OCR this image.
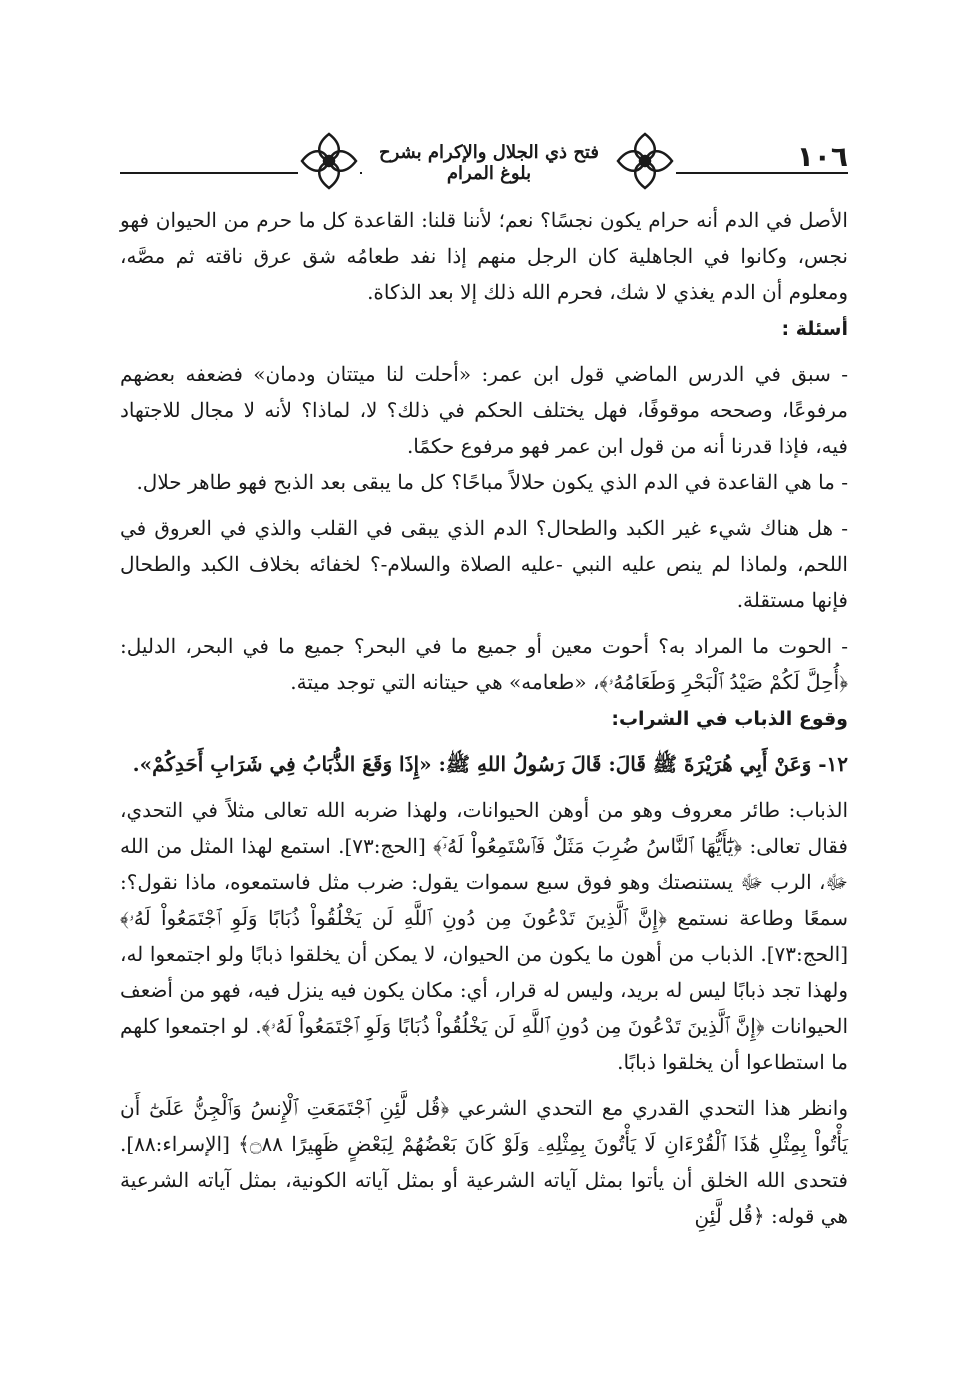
١٠٦
فتح ذي الجلال والإكرام بشرح بلوغ المرام

الأصل في الدم أنه حرام يكون نجسًا؟ نعم؛ لأننا قلنا: القاعدة كل ما حرم من الحيوان فهو نجس، وكانوا في الجاهلية كان الرجل منهم إذا نفد طعامُه شق عرق ناقته ثم مصَّه، ومعلوم أن الدم يغذي لا شك، فحرم الله ذلك إلا بعد الذكاة.

أسئلة :

- سبق في الدرس الماضي قول ابن عمر: «أحلت لنا ميتتان ودمان» فضعفه بعضهم مرفوعًا، وصححه موقوفًا، فهل يختلف الحكم في ذلك؟ لا، لماذا؟ لأنه لا مجال للاجتهاد فيه، فإذا قدرنا أنه من قول ابن عمر فهو مرفوع حكمًا.

- ما هي القاعدة في الدم الذي يكون حلالاً مباحًا؟ كل ما يبقى بعد الذبح فهو طاهر حلال.

- هل هناك شيء غير الكبد والطحال؟ الدم الذي يبقى في القلب والذي في العروق في اللحم، ولماذا لم ينص عليه النبي -عليه الصلاة والسلام-؟ لخفائه بخلاف الكبد والطحال فإنها مستقلة.

- الحوت ما المراد به؟ أحوت معين أو جميع ما في البحر؟ جميع ما في البحر، الدليل: ﴿أُحِلَّ لَكُمْ صَيْدُ ٱلْبَحْرِ وَطَعَامُهُۥ﴾، «طعامه» هي حيتانه التي توجد ميتة.

وقوع الذباب في الشراب:

١٢- وَعَنْ أَبِي هُرَيْرَةَ ﷺ قَالَ: قَالَ رَسُولُ اللهِ ﷺ: «إِذَا وَقَعَ الذُّبَابُ فِي شَرَابِ أَحَدِكُمْ».

الذباب: طائر معروف وهو من أوهن الحيوانات، ولهذا ضربه الله تعالى مثلاً في التحدي، فقال تعالى: ﴿يَٰٓأَيُّهَا ٱلنَّاسُ ضُرِبَ مَثَلٌ فَٱسْتَمِعُواْ لَهُۥٓ﴾ [الحج:٧٣]. استمع لهذا المثل من الله ﷻ، الرب ﷻ يستنصتك وهو فوق سبع سموات يقول: ضرب مثل فاستمعوه، ماذا نقول؟: سمعًا وطاعة نستمع ﴿إِنَّ ٱلَّذِينَ تَدْعُونَ مِن دُونِ ٱللَّهِ لَن يَخْلُقُواْ ذُبَابًا وَلَوِ ٱجْتَمَعُواْ لَهُۥ﴾ [الحج:٧٣]. الذباب من أهون ما يكون من الحيوان، لا يمكن أن يخلقوا ذبابًا ولو اجتمعوا له، ولهذا تجد ذبابًا ليس له بريد، وليس له قرار، أي: مكان يكون فيه ينزل فيه، فهو من أضعف الحيوانات ﴿إِنَّ ٱلَّذِينَ تَدْعُونَ مِن دُونِ ٱللَّهِ لَن يَخْلُقُواْ ذُبَابًا وَلَوِ ٱجْتَمَعُواْ لَهُۥ﴾. لو اجتمعوا كلهم ما استطاعوا أن يخلقوا ذبابًا.

وانظر هذا التحدي القدري مع التحدي الشرعي ﴿قُل لَّئِنِ ٱجْتَمَعَتِ ٱلْإِنسُ وَٱلْجِنُّ عَلَىٰٓ أَن يَأْتُواْ بِمِثْلِ هَٰذَا ٱلْقُرْءَانِ لَا يَأْتُونَ بِمِثْلِهِۦ وَلَوْ كَانَ بَعْضُهُمْ لِبَعْضٍ ظَهِيرًا ۝٨٨﴾ [الإسراء:٨٨]. فتحدى الله الخلق أن يأتوا بمثل آياته الشرعية أو بمثل آياته الكونية، بمثل آياته الشرعية هي قوله: ﴿قُل لَّئِنِ
